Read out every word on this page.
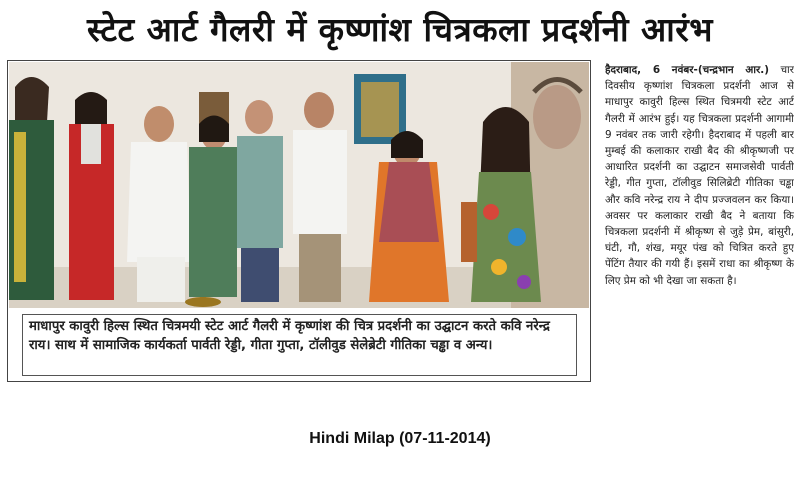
स्टेट आर्ट गैलरी में कृष्णांश चित्रकला प्रदर्शनी आरंभ
माधापुर कावुरी हिल्स स्थित चित्रमयी स्टेट आर्ट गैलरी में कृष्णांश की चित्र प्रदर्शनी का उद्घाटन करते कवि नरेन्द्र राय। साथ में सामाजिक कार्यकर्ता पार्वती रेड्डी, गीता गुप्ता, टॉलीवुड सेलेब्रेटी गीतिका चड्ढा व अन्य।
हैदराबाद, 6 नवंबर-(चन्द्रभान आर.) चार दिवसीय कृष्णांश चित्रकला प्रदर्शनी आज से माधापुर कावुरी हिल्स स्थित चित्रमयी स्टेट आर्ट गैलरी में आरंभ हुई। यह चित्रकला प्रदर्शनी आगामी 9 नवंबर तक जारी रहेगी। हैदराबाद में पहली बार मुम्बई की कलाकार राखी बैद की श्रीकृष्णजी पर आधारित प्रदर्शनी का उद्घाटन समाजसेवी पार्वती रेड्डी, गीत गुप्ता, टॉलीवुड सिलिब्रेटी गीतिका चड्ढा और कवि नरेन्द्र राय ने दीप प्रज्जवलन कर किया। अवसर पर कलाकार राखी बैद ने बताया कि चित्रकला प्रदर्शनी में श्रीकृष्ण से जुड़े प्रेम, बांसुरी, घंटी, गौ, शंख, मयूर पंख को चित्रित करते हुए पेंटिंग तैयार की गयी हैं। इसमें राधा का श्रीकृष्ण के लिए प्रेम को भी देखा जा सकता है।
Hindi Milap (07-11-2014)
